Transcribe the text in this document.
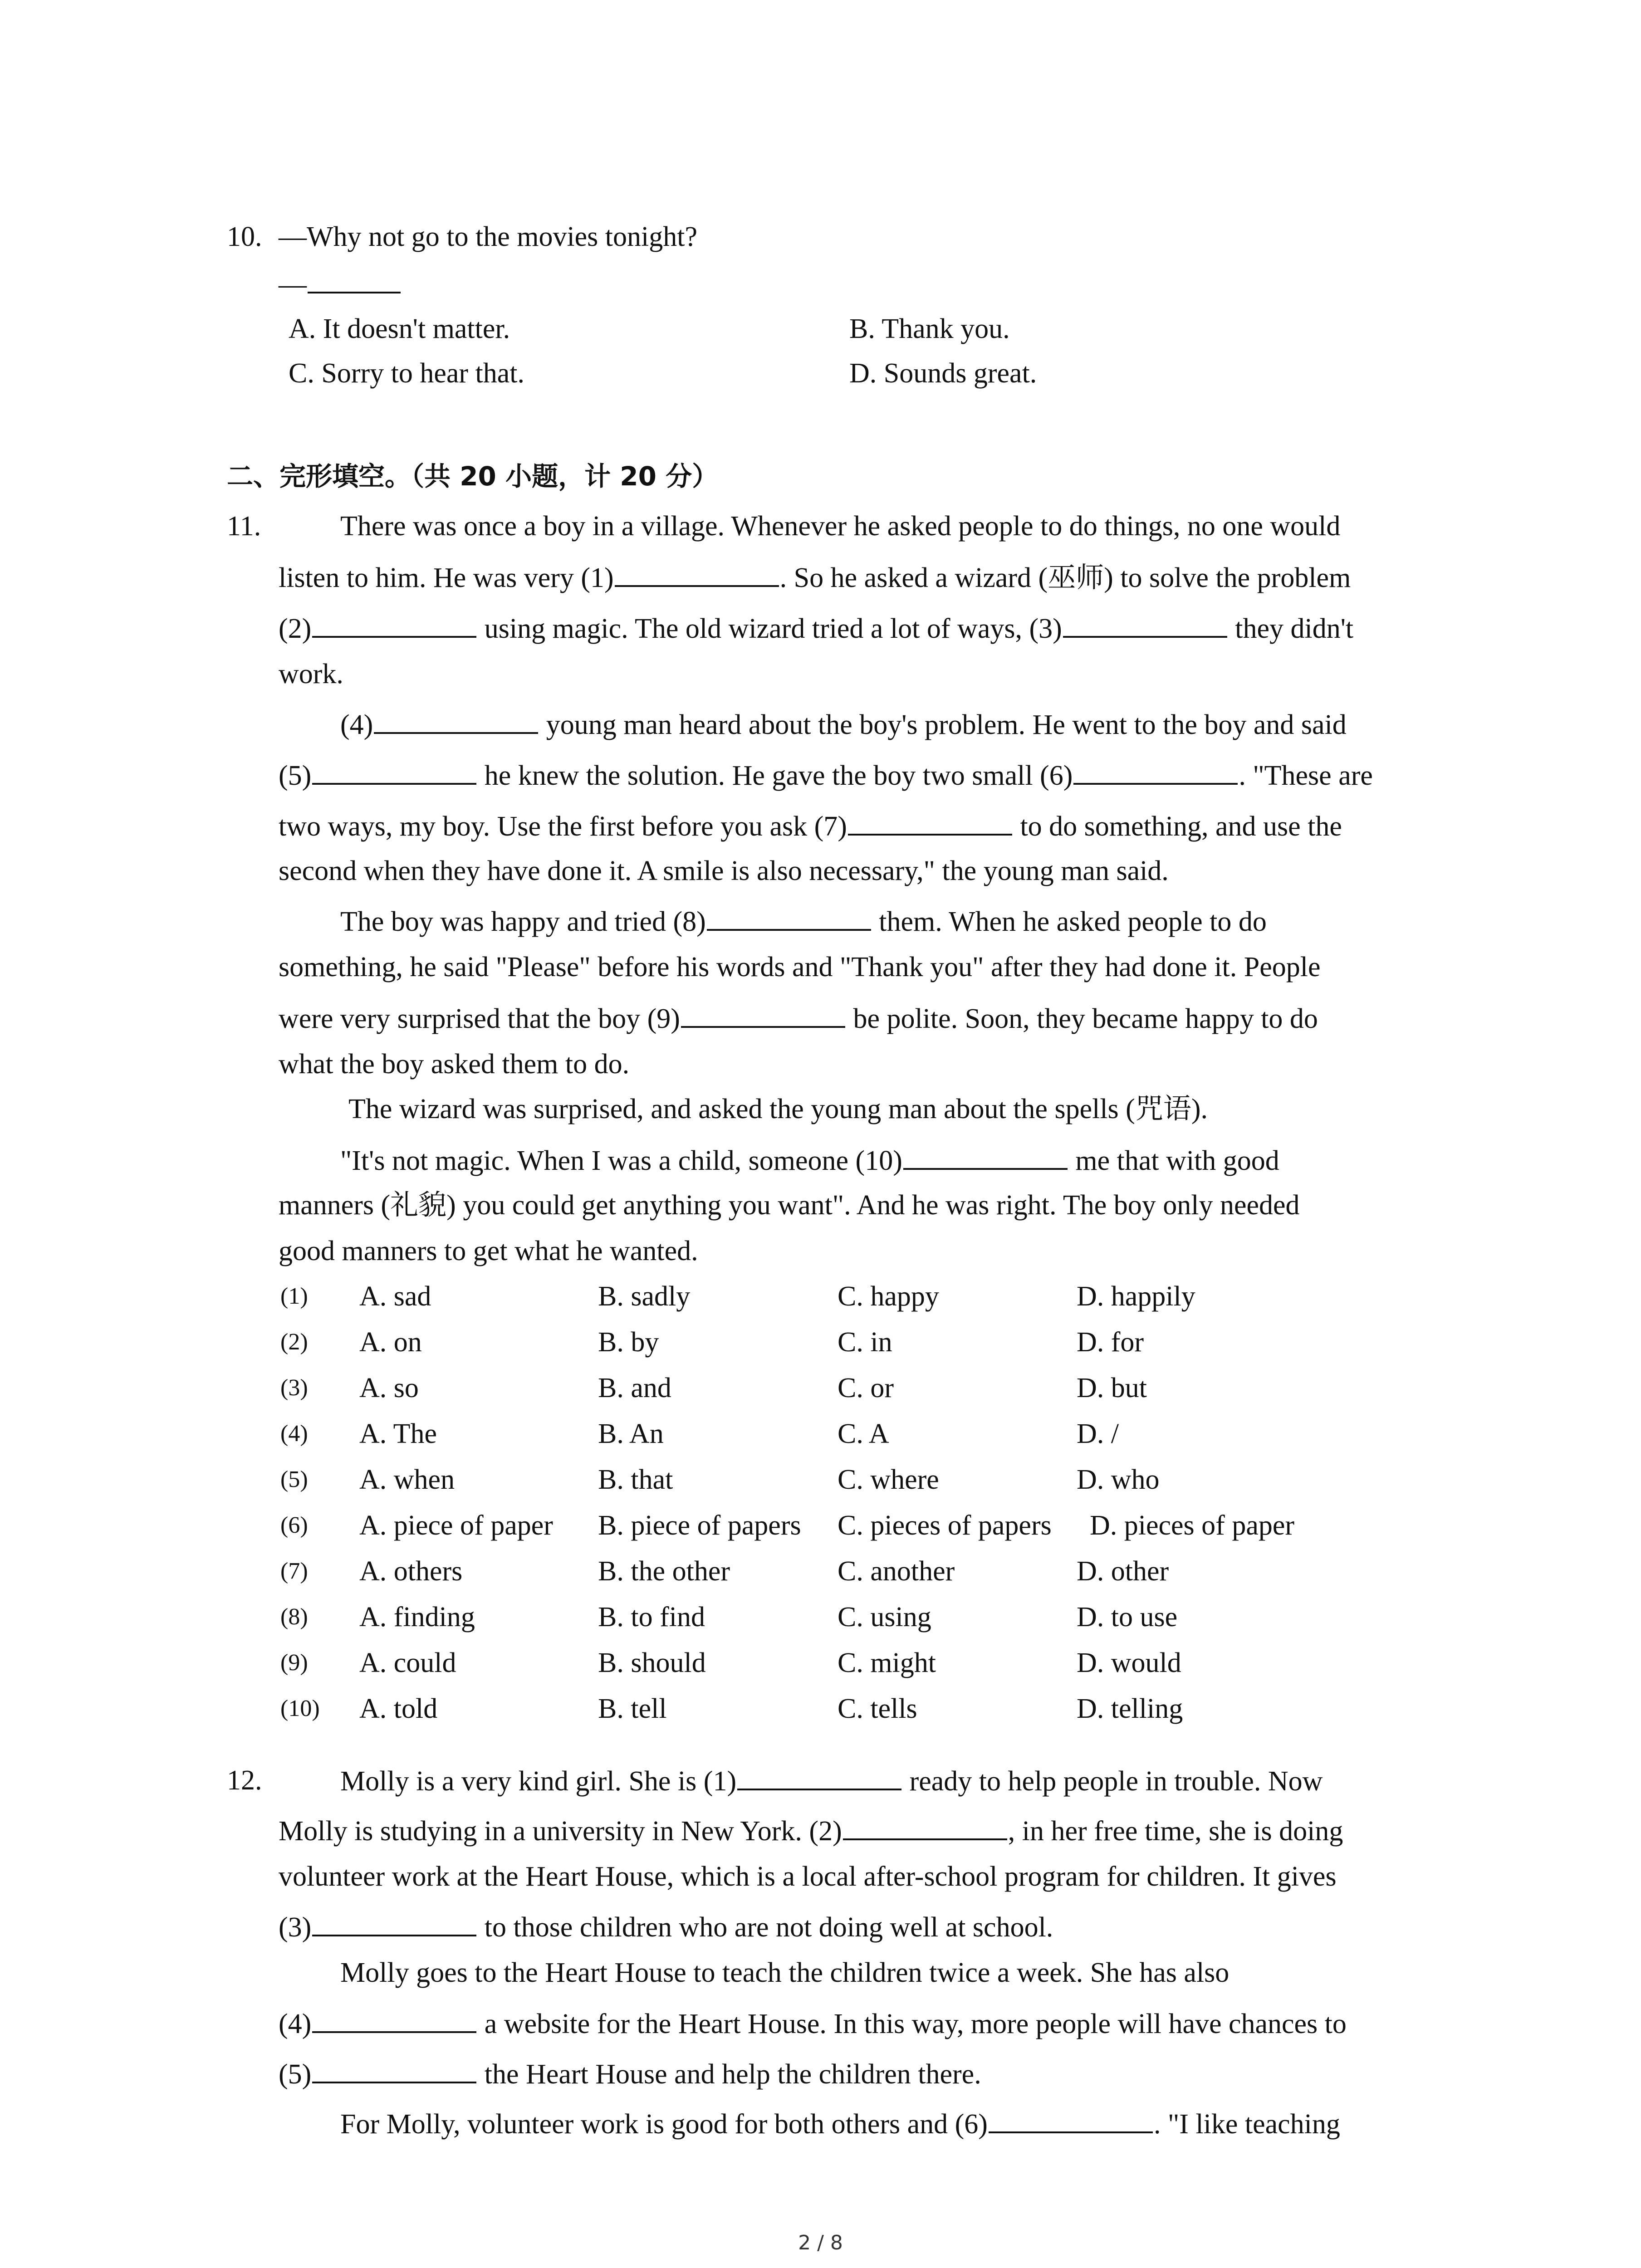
10. —Why not go to the movies tonight?
—
A. It doesn't matter.	B. Thank you.
C. Sorry to hear that.	D. Sounds great.
二、完形填空。（共 20 小题，计 20 分）
11.	There was once a boy in a village. Whenever he asked people to do things, no one would
listen to him. He was very (1)	. So he asked a wizard (巫师) to solve the problem
(2)	using magic. The old wizard tried a lot of ways, (3)	they didn't
work.
(4)	young man heard about the boy's problem. He went to the boy and said
(5)	he knew the solution. He gave the boy two small (6)	. "These are
two ways, my boy. Use the first before you ask (7)	to do something, and use the
second when they have done it. A smile is also necessary," the young man said.
The boy was happy and tried (8)	them. When he asked people to do
something, he said "Please" before his words and "Thank you" after they had done it. People
were very surprised that the boy (9)	be polite. Soon, they became happy to do
what the boy asked them to do.
The wizard was surprised, and asked the young man about the spells (咒语).
"It's not magic. When I was a child, someone (10)	me that with good
manners (礼貌) you could get anything you want". And he was right. The boy only needed
good manners to get what he wanted.
(1) A. sad	B. sadly	C. happy	D. happily
(2) A. on	B. by	C. in	D. for
(3) A. so	B. and	C. or	D. but
(4) A. The	B. An	C. A	D. /
(5) A. when	B. that	C. where	D. who
(6) A. piece of paper B. piece of papers C. pieces of papers D. pieces of paper
(7) A. others	B. the other	C. another	D. other
(8) A. finding	B. to find	C. using	D. to use
(9) A. could	B. should	C. might	D. would
(10) A. told	B. tell	C. tells	D. telling
12.	Molly is a very kind girl. She is (1)	ready to help people in trouble. Now
Molly is studying in a university in New York. (2)	, in her free time, she is doing
volunteer work at the Heart House, which is a local after-school program for children. It gives
(3)	to those children who are not doing well at school.
Molly goes to the Heart House to teach the children twice a week. She has also
(4)	a website for the Heart House. In this way, more people will have chances to
(5)	the Heart House and help the children there.
For Molly, volunteer work is good for both others and (6)	. "I like teaching
2 / 8
